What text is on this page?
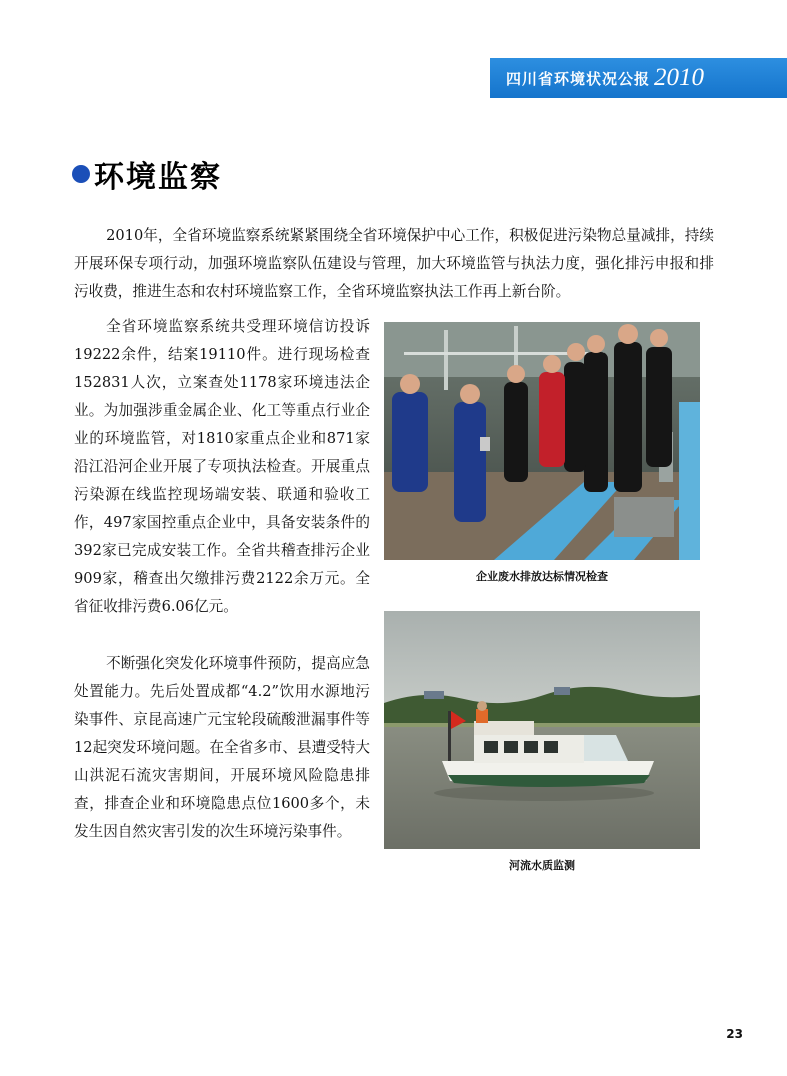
四川省环境状况公报 2010
环境监察

2010年，全省环境监察系统紧紧围绕全省环境保护中心工作，积极促进污染物总量减排，持续开展环保专项行动，加强环境监察队伍建设与管理，加大环境监管与执法力度，强化排污申报和排污收费，推进生态和农村环境监察工作，全省环境监察执法工作再上新台阶。

全省环境监察系统共受理环境信访投诉19222余件，结案19110件。进行现场检查152831人次，立案查处1178家环境违法企业。为加强涉重金属企业、化工等重点行业企业的环境监管，对1810家重点企业和871家沿江沿河企业开展了专项执法检查。开展重点污染源在线监控现场端安装、联通和验收工作，497家国控重点企业中，具备安装条件的392家已完成安装工作。全省共稽查排污企业909家，稽查出欠缴排污费2122余万元。全省征收排污费6.06亿元。

不断强化突发化环境事件预防，提高应急处置能力。先后处置成都“4.2”饮用水源地污染事件、京昆高速广元宝轮段硫酸泄漏事件等12起突发环境问题。在全省多市、县遭受特大山洪泥石流灾害期间，开展环境风险隐患排查，排查企业和环境隐患点位1600多个，未发生因自然灾害引发的次生环境污染事件。

企业废水排放达标情况检查
河流水质监测
23
